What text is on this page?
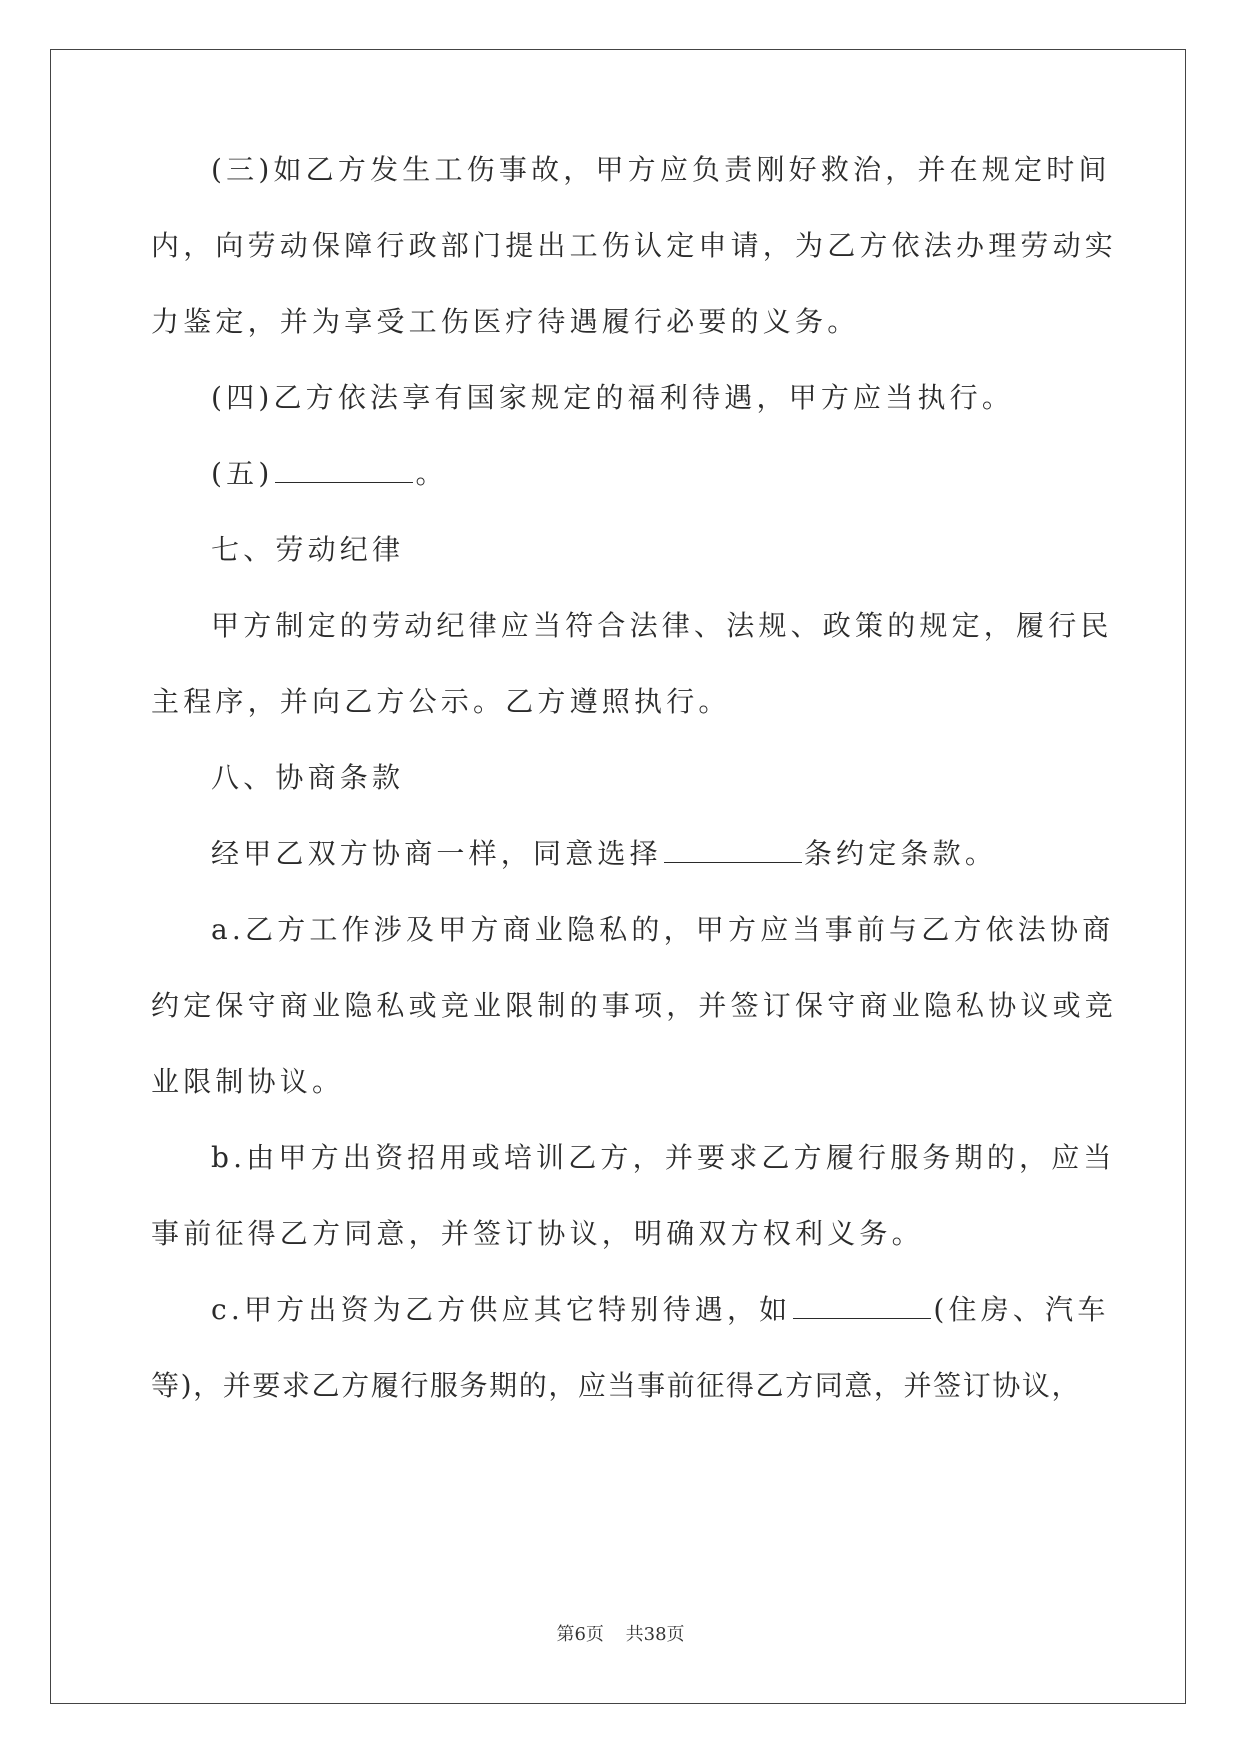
(三)如乙方发生工伤事故，甲方应负责刚好救治，并在规定时间
内，向劳动保障行政部门提出工伤认定申请，为乙方依法办理劳动实
力鉴定，并为享受工伤医疗待遇履行必要的义务。
(四)乙方依法享有国家规定的福利待遇，甲方应当执行。
(五)	。
七、劳动纪律
甲方制定的劳动纪律应当符合法律、法规、政策的规定，履行民
主程序，并向乙方公示。乙方遵照执行。
八、协商条款
经甲乙双方协商一样，同意选择	条约定条款。
a.乙方工作涉及甲方商业隐私的，甲方应当事前与乙方依法协商
约定保守商业隐私或竞业限制的事项，并签订保守商业隐私协议或竞
业限制协议。
b.由甲方出资招用或培训乙方，并要求乙方履行服务期的，应当
事前征得乙方同意，并签订协议，明确双方权利义务。
c.甲方出资为乙方供应其它特别待遇，如	(住房、汽车
等)，并要求乙方履行服务期的，应当事前征得乙方同意，并签订协议，
第6页 共38页
